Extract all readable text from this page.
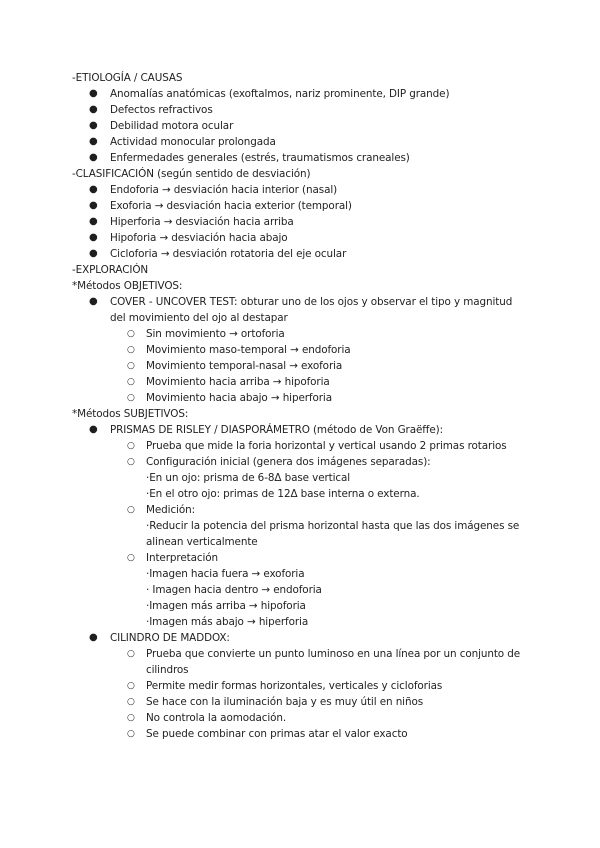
-ETIOLOGÍA / CAUSAS
● Anomalías anatómicas (exoftalmos, nariz prominente, DIP grande)
● Defectos refractivos
● Debilidad motora ocular
● Actividad monocular prolongada
● Enfermedades generales (estrés, traumatismos craneales)
-CLASIFICACIÓN (según sentido de desviación)
● Endoforia → desviación hacia interior (nasal)
● Exoforia → desviación hacia exterior (temporal)
● Hiperforia → desviación hacia arriba
● Hipoforia → desviación hacia abajo
● Cicloforia → desviación rotatoria del eje ocular
-EXPLORACIÓN
*Métodos OBJETIVOS:
● COVER - UNCOVER TEST: obturar uno de los ojos y observar el tipo y magnitud del movimiento del ojo al destapar
○ Sin movimiento → ortoforia
○ Movimiento maso-temporal → endoforia
○ Movimiento temporal-nasal → exoforia
○ Movimiento hacia arriba → hipoforia
○ Movimiento hacia abajo → hiperforia
*Métodos SUBJETIVOS:
● PRISMAS DE RISLEY / DIASPORÁMETRO (método de Von Graëffe):
○ Prueba que mide la foria horizontal y vertical usando 2 primas rotarios
○ Configuración inicial (genera dos imágenes separadas):
·En un ojo: prisma de 6-8Δ base vertical
·En el otro ojo: primas de 12Δ base interna o externa.
○ Medición:
·Reducir la potencia del prisma horizontal hasta que las dos imágenes se alinean verticalmente
○ Interpretación
·Imagen hacia fuera → exoforia
· Imagen hacia dentro → endoforia
·Imagen más arriba → hipoforia
·Imagen más abajo → hiperforia
● CILINDRO DE MADDOX:
○ Prueba que convierte un punto luminoso en una línea por un conjunto de cilindros
○ Permite medir formas horizontales, verticales y cicloforias
○ Se hace con la iluminación baja y es muy útil en niños
○ No controla la aomodación.
○ Se puede combinar con primas atar el valor exacto
